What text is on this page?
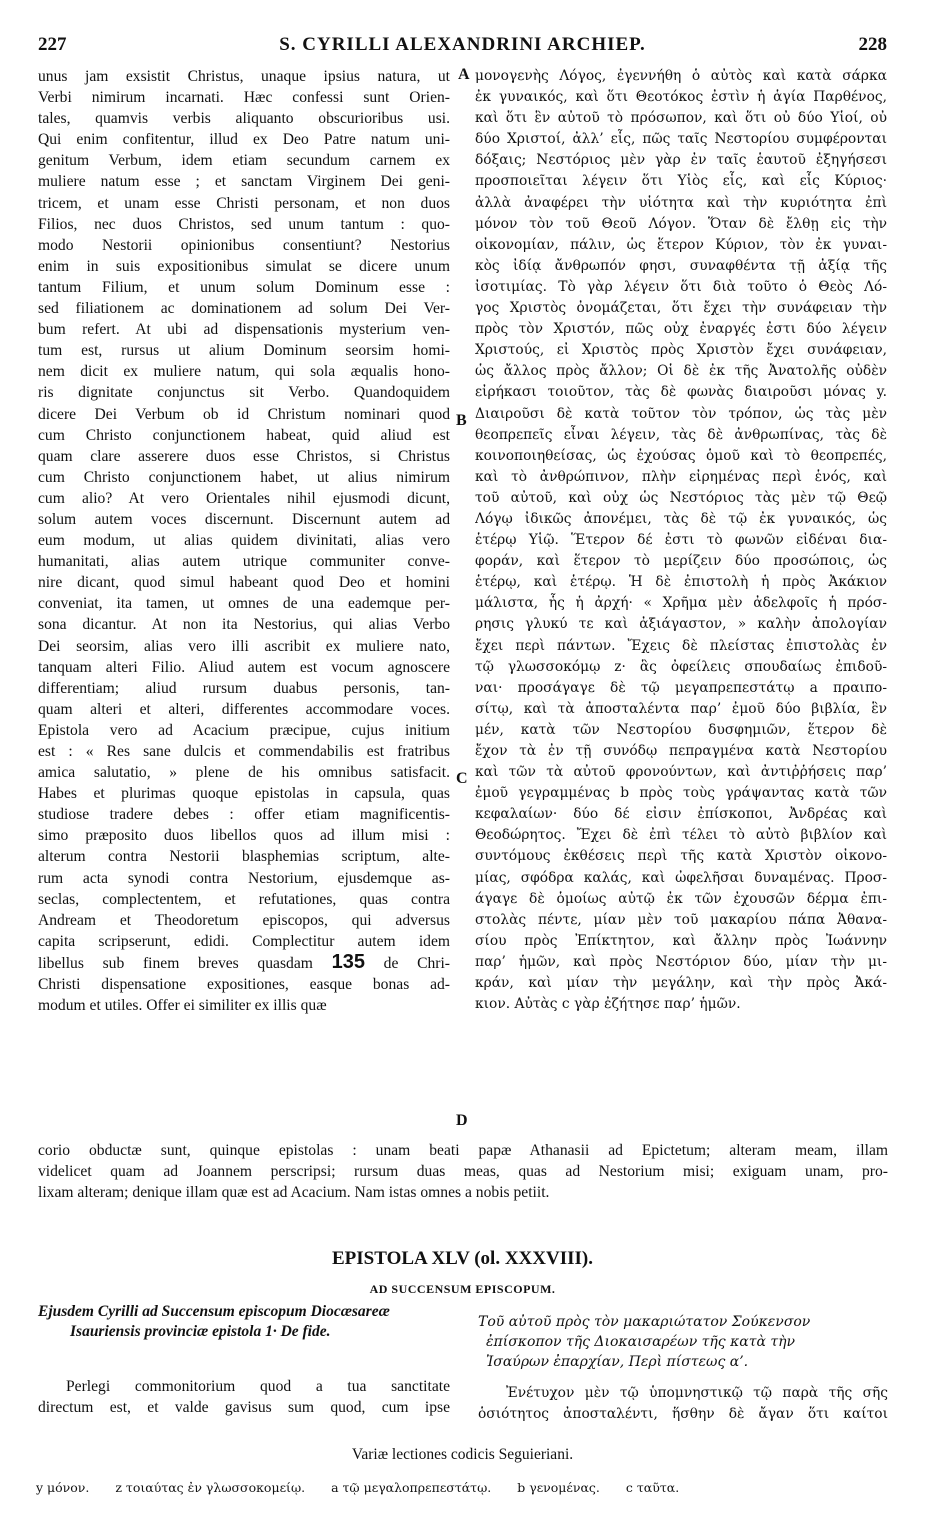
227	S. CYRILLI ALEXANDRINI ARCHIEP.	228

unus jam exsistit Christus, unaque ipsius natura, ut

Verbi nimirum incarnati. Hæc confessi sunt Orien-

tales, quamvis verbis aliquanto obscurioribus usi.

Qui enim confitentur, illud ex Deo Patre natum uni-

genitum Verbum, idem etiam secundum carnem ex

muliere natum esse ; et sanctam Virginem Dei geni-

tricem, et unam esse Christi personam, et non duos

Filios, nec duos Christos, sed unum tantum : quo-

modo Nestorii opinionibus consentiunt? Nestorius

enim in suis expositionibus simulat se dicere unum

tantum Filium, et unum solum Dominum esse :

sed filiationem ac dominationem ad solum Dei Ver-

bum refert. At ubi ad dispensationis mysterium ven-

tum est, rursus ut alium Dominum seorsim homi-

nem dicit ex muliere natum, qui sola æqualis hono-

ris dignitate conjunctus sit Verbo. Quandoquidem

dicere Dei Verbum ob id Christum nominari quod

cum Christo conjunctionem habeat, quid aliud est

quam clare asserere duos esse Christos, si Christus

cum Christo conjunctionem habet, ut alius nimirum

cum alio? At vero Orientales nihil ejusmodi dicunt,

solum autem voces discernunt. Discernunt autem ad

eum modum, ut alias quidem divinitati, alias vero

humanitati, alias autem utrique communiter conve-

nire dicant, quod simul habeant quod Deo et homini

conveniat, ita tamen, ut omnes de una eademque per-

sona dicantur. At non ita Nestorius, qui alias Verbo

Dei seorsim, alias vero illi ascribit ex muliere nato,

tanquam alteri Filio. Aliud autem est vocum agnoscere

differentiam; aliud rursum duabus personis, tan-

quam alteri et alteri, differentes accommodare voces.

Epistola vero ad Acacium præcipue, cujus initium

est : « Res sane dulcis et commendabilis est fratribus

amica salutatio, » plene de his omnibus satisfacit.

Habes et plurimas quoque epistolas in capsula, quas

studiose tradere debes : offer etiam magnificentis-

simo præposito duos libellos quos ad illum misi :

alterum contra Nestorii blasphemias scriptum, alte-

rum acta synodi contra Nestorium, ejusdemque as-

seclas, complectentem, et refutationes, quas contra

Andream et Theodoretum episcopos, qui adversus

capita scripserunt, edidi. Complectitur autem idem

libellus sub finem breves quasdam 135 de Chri-

Christi dispensatione expositiones, easque bonas ad-

modum et utiles. Offer ei similiter ex illis quæ

μονογενὴς Λόγος, ἐγεννήθη ὁ αὐτὸς καὶ κατὰ σάρκα

ἐκ γυναικός, καὶ ὅτι Θεοτόκος ἐστὶν ἡ ἁγία Παρθένος,

καὶ ὅτι ἓν αὐτοῦ τὸ πρόσωπον, καὶ ὅτι οὐ δύο Υἱοί, οὐ

δύο Χριστοί, ἀλλ’ εἷς, πῶς ταῖς Νεστορίου συμφέρονται

δόξαις; Νεστόριος μὲν γὰρ ἐν ταῖς ἑαυτοῦ ἐξηγήσεσι

προσποιεῖται λέγειν ὅτι Υἱὸς εἷς, καὶ εἷς Κύριος·

ἀλλὰ ἀναφέρει τὴν υἱότητα καὶ τὴν κυριότητα ἐπὶ

μόνον τὸν τοῦ Θεοῦ Λόγον. Ὅταν δὲ ἔλθῃ εἰς τὴν

οἰκονομίαν, πάλιν, ὡς ἕτερον Κύριον, τὸν ἐκ γυναι-

κὸς ἰδίᾳ ἄνθρωπόν φησι, συναφθέντα τῇ ἀξίᾳ τῆς

ἰσοτιμίας. Τὸ γὰρ λέγειν ὅτι διὰ τοῦτο ὁ Θεὸς Λό-

γος Χριστὸς ὀνομάζεται, ὅτι ἔχει τὴν συνάφειαν τὴν

πρὸς τὸν Χριστόν, πῶς οὐχ ἐναργές ἐστι δύο λέγειν

Χριστούς, εἰ Χριστὸς πρὸς Χριστὸν ἔχει συνάφειαν,

ὡς ἄλλος πρὸς ἄλλον; Οἱ δὲ ἐκ τῆς Ἀνατολῆς οὐδὲν

εἰρήκασι τοιοῦτον, τὰς δὲ φωνὰς διαιροῦσι μόνας y.

Διαιροῦσι δὲ κατὰ τοῦτον τὸν τρόπον, ὡς τὰς μὲν

θεοπρεπεῖς εἶναι λέγειν, τὰς δὲ ἀνθρωπίνας, τὰς δὲ

κοινοποιηθείσας, ὡς ἐχούσας ὁμοῦ καὶ τὸ θεοπρεπές,

καὶ τὸ ἀνθρώπινον, πλὴν εἰρημένας περὶ ἑνός, καὶ

τοῦ αὐτοῦ, καὶ οὐχ ὡς Νεστόριος τὰς μὲν τῷ Θεῷ

Λόγῳ ἰδικῶς ἀπονέμει, τὰς δὲ τῷ ἐκ γυναικός, ὡς

ἑτέρῳ Υἱῷ. Ἕτερον δέ ἐστι τὸ φωνῶν εἰδέναι δια-

φοράν, καὶ ἕτερον τὸ μερίζειν δύο προσώποις, ὡς

ἑτέρῳ, καὶ ἑτέρῳ. Ἡ δὲ ἐπιστολὴ ἡ πρὸς Ἀκάκιον

μάλιστα, ἧς ἡ ἀρχή· « Χρῆμα μὲν ἀδελφοῖς ἡ πρόσ-

ρησις γλυκύ τε καὶ ἀξιάγαστον, » καλὴν ἀπολογίαν

ἔχει περὶ πάντων. Ἔχεις δὲ πλείστας ἐπιστολὰς ἐν

τῷ γλωσσοκόμῳ z· ἃς ὀφείλεις σπουδαίως ἐπιδοῦ-

ναι· προσάγαγε δὲ τῷ μεγαπρεπεστάτῳ a πραιπο-

σίτῳ, καὶ τὰ ἀποσταλέντα παρ’ ἐμοῦ δύο βιβλία, ἓν

μέν, κατὰ τῶν Νεστορίου δυσφημιῶν, ἕτερον δὲ

ἔχον τὰ ἐν τῇ συνόδῳ πεπραγμένα κατὰ Νεστορίου

καὶ τῶν τὰ αὐτοῦ φρονούντων, καὶ ἀντιῤῥήσεις παρ’

ἐμοῦ γεγραμμένας b πρὸς τοὺς γράψαντας κατὰ τῶν

κεφαλαίων· δύο δέ εἰσιν ἐπίσκοποι, Ἀνδρέας καὶ

Θεοδώρητος. Ἔχει δὲ ἐπὶ τέλει τὸ αὐτὸ βιβλίον καὶ

συντόμους ἐκθέσεις περὶ τῆς κατὰ Χριστὸν οἰκονο-

μίας, σφόδρα καλάς, καὶ ὠφελῆσαι δυναμένας. Προσ-

άγαγε δὲ ὁμοίως αὐτῷ ἐκ τῶν ἐχουσῶν δέρμα ἐπι-

στολὰς πέντε, μίαν μὲν τοῦ μακαρίου πάπα Ἀθανα-

σίου πρὸς Ἐπίκτητον, καὶ ἄλλην πρὸς Ἰωάννην

παρ’ ἡμῶν, καὶ πρὸς Νεστόριον δύο, μίαν τὴν μι-

κράν, καὶ μίαν τὴν μεγάλην, καὶ τὴν πρὸς Ἀκά-

κιον. Αὐτὰς c γὰρ ἐζήτησε παρ’ ἡμῶν.

A
B
C
D

corio obductæ sunt, quinque epistolas : unam beati papæ Athanasii ad Epictetum; alteram meam, illam

videlicet quam ad Joannem perscripsi; rursum duas meas, quas ad Nestorium misi; exiguam unam, pro-

lixam alteram; denique illam quæ est ad Acacium. Nam istas omnes a nobis petiit.

EPISTOLA XLV (ol. XXXVIII).
AD SUCCENSUM EPISCOPUM.
Ejusdem Cyrilli ad Succensum episcopum Diocæsareæ
Isauriensis provinciæ epistola 1· De fide.
Τοῦ αὐτοῦ πρὸς τὸν μακαριώτατον Σούκενσον
ἐπίσκοπον τῆς Διοκαισαρέων τῆς κατὰ τὴν
Ἰσαύρων ἐπαρχίαν, Περὶ πίστεως α’.

Perlegi commonitorium quod a tua sanctitate

directum est, et valde gavisus sum quod, cum ipse

Ἐνέτυχον μὲν τῷ ὑπομνηστικῷ τῷ παρὰ τῆς σῆς

ὁσιότητος ἀποσταλέντι, ἥσθην δὲ ἄγαν ὅτι καίτοι

Variæ lectiones codicis Seguieriani.
y μόνον. z τοιαύτας ἐν γλωσσοκομείῳ. a τῷ μεγαλοπρεπεστάτῳ. b γενομένας. c ταῦτα.
